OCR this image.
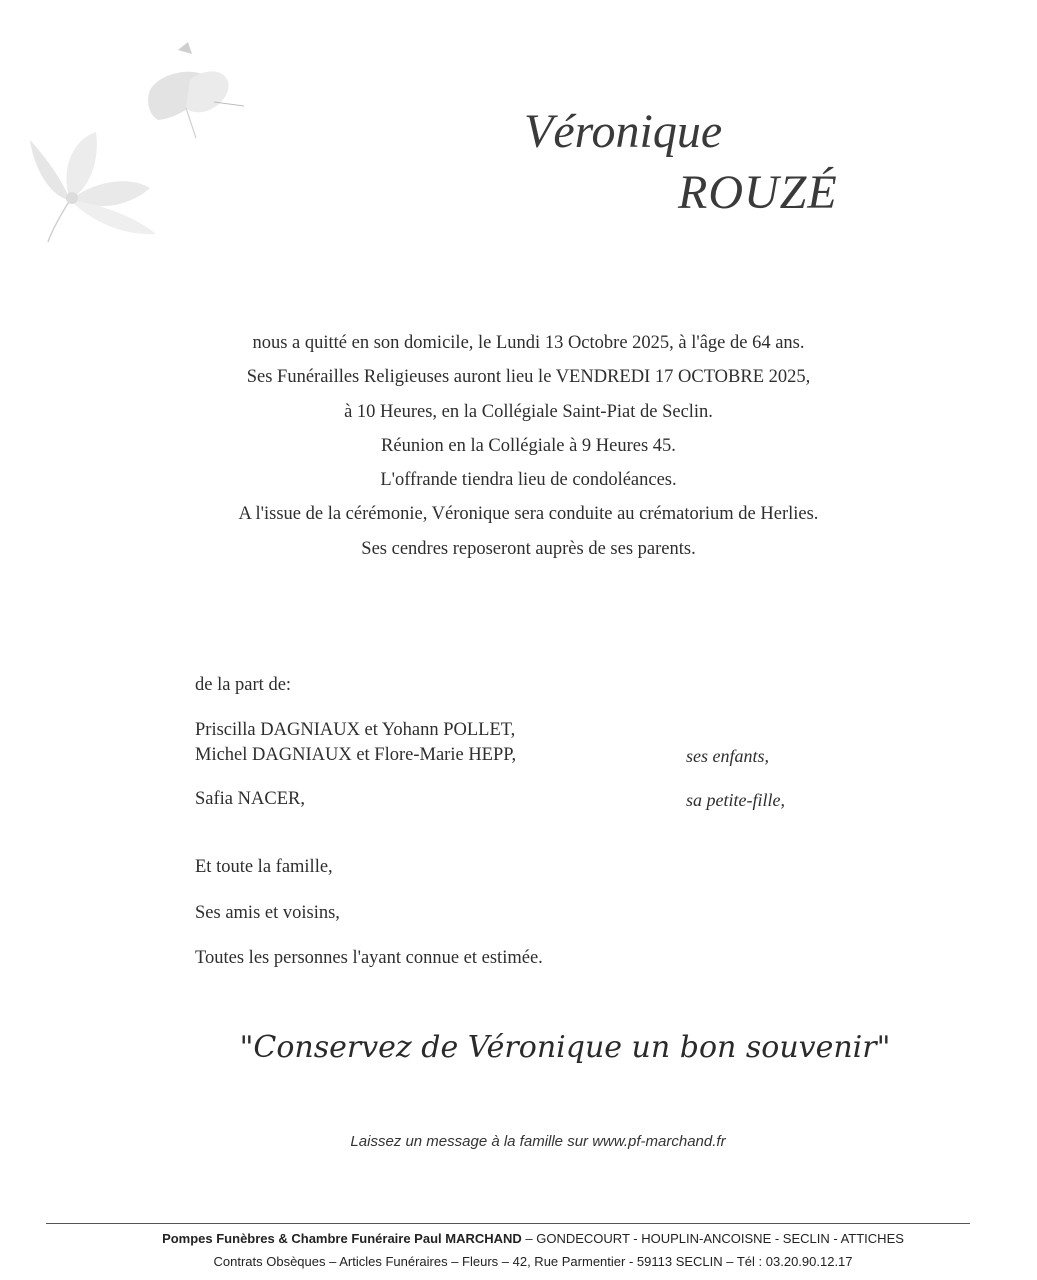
Véronique
ROUZÉ
nous a quitté en son domicile, le Lundi 13 Octobre 2025, à l'âge de 64 ans.
Ses Funérailles Religieuses auront lieu le VENDREDI 17 OCTOBRE 2025,
à 10 Heures, en la Collégiale Saint-Piat de Seclin.
Réunion en la Collégiale à 9 Heures 45.
L'offrande tiendra lieu de condoléances.
A l'issue de la cérémonie, Véronique sera conduite au crématorium de Herlies.
Ses cendres reposeront auprès de ses parents.
de la part de:
Priscilla DAGNIAUX et Yohann POLLET,
Michel DAGNIAUX et Flore-Marie HEPP,	ses enfants,
Safia NACER,	sa petite-fille,
Et toute la famille,
Ses amis et voisins,
Toutes les personnes l'ayant connue et estimée.
"Conservez de Véronique un bon souvenir"
Laissez un message à la famille sur www.pf-marchand.fr
Pompes Funèbres & Chambre Funéraire Paul MARCHAND – GONDECOURT - HOUPLIN-ANCOISNE - SECLIN - ATTICHES
Contrats Obsèques – Articles Funéraires – Fleurs – 42, Rue Parmentier - 59113 SECLIN – Tél : 03.20.90.12.17
